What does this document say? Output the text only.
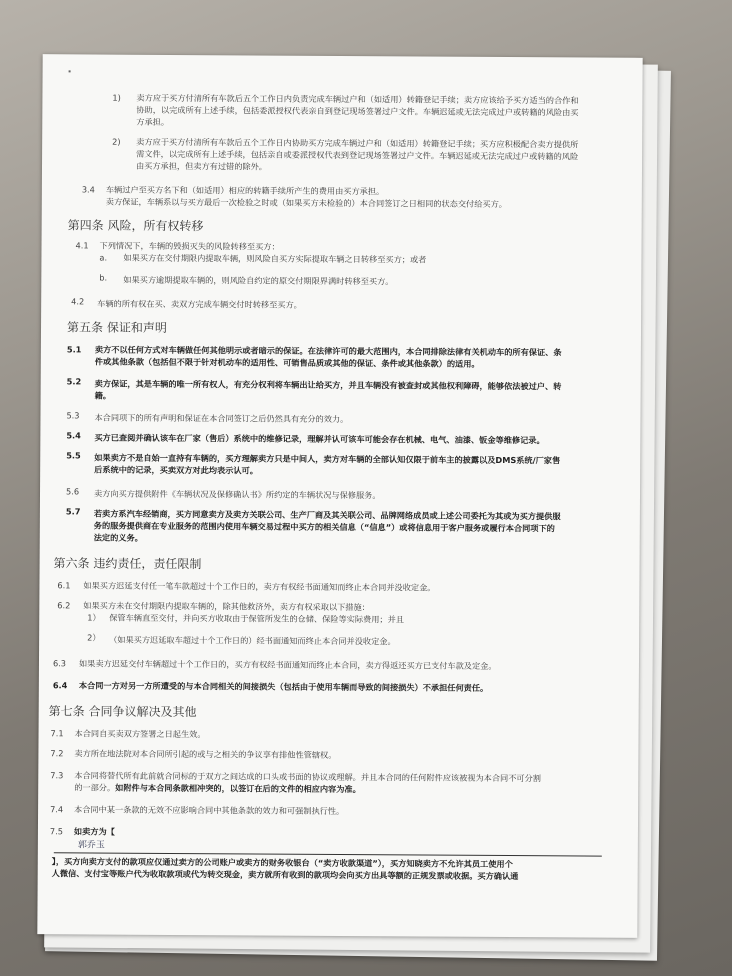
1) 卖方应于买方付清所有车款后五个工作日内负责完成车辆过户和（如适用）转籍登记手续；卖方应该给予买方适当的合作和
协助，以完成所有上述手续，包括委派授权代表亲自到登记现场签署过户文件。车辆迟延或无法完成过户或转籍的风险由买
方承担。
2) 卖方应于买方付清所有车款后五个工作日内协助买方完成车辆过户和（如适用）转籍登记手续；买方应积极配合卖方提供所
需文件，以完成所有上述手续，包括亲自或委派授权代表到登记现场签署过户文件。车辆迟延或无法完成过户或转籍的风险
由买方承担，但卖方有过错的除外。
3.4 车辆过户至买方名下和（如适用）相应的转籍手续所产生的费用由买方承担。
卖方保证，车辆系以与买方最后一次检验之时或（如果买方未检验的）本合同签订之日相同的状态交付给买方。
第四条 风险，所有权转移
4.1 下列情况下，车辆的毁损灭失的风险转移至买方：
a. 如果买方在交付期限内提取车辆，则风险自买方实际提取车辆之日转移至买方；或者
b. 如果买方逾期提取车辆的，则风险自约定的原交付期限界满时转移至买方。
4.2 车辆的所有权在买、卖双方完成车辆交付时转移至买方。
第五条 保证和声明
5.1 卖方不以任何方式对车辆做任何其他明示或者暗示的保证。在法律许可的最大范围内，本合同排除法律有关机动车的所有保证、条
件或其他条款（包括但不限于针对机动车的适用性、可销售品质或其他的保证、条件或其他条款）的适用。
5.2 卖方保证，其是车辆的唯一所有权人，有充分权利将车辆出让给买方，并且车辆没有被查封或其他权利障碍，能够依法被过户、转
籍。
5.3 本合同项下的所有声明和保证在本合同签订之后仍然具有充分的效力。
5.4 买方已查阅并确认该车在厂家（售后）系统中的维修记录，理解并认可该车可能会存在机械、电气、油漆、钣金等维修记录。
5.5 如果卖方不是自始一直持有车辆的，买方理解卖方只是中间人，卖方对车辆的全部认知仅限于前车主的披露以及DMS系统/厂家售
后系统中的记录，买卖双方对此均表示认可。
5.6 卖方向买方提供附件《车辆状况及保修确认书》所约定的车辆状况与保修服务。
5.7 若卖方系汽车经销商，买方同意卖方及卖方关联公司、生产厂商及其关联公司、品牌网络成员或上述公司委托为其或为买方提供服
务的服务提供商在专业服务的范围内使用车辆交易过程中买方的相关信息（“信息”）或将信息用于客户服务或履行本合同项下的
法定的义务。
第六条 违约责任，责任限制
6.1 如果买方迟延支付任一笔车款超过十个工作日的，卖方有权经书面通知而终止本合同并没收定金。
6.2 如果买方未在交付期限内提取车辆的，除其他救济外，卖方有权采取以下措施：
1） 保管车辆直至交付，并向买方收取由于保管所发生的仓储、保险等实际费用；并且
2） （如果买方迟延取车超过十个工作日的）经书面通知而终止本合同并没收定金。
6.3 如果卖方迟延交付车辆超过十个工作日的，买方有权经书面通知而终止本合同，卖方得返还买方已支付车款及定金。
6.4 本合同一方对另一方所遭受的与本合同相关的间接损失（包括由于使用车辆而导致的间接损失）不承担任何责任。
第七条 合同争议解决及其他
7.1 本合同自买卖双方签署之日起生效。
7.2 卖方所在地法院对本合同所引起的或与之相关的争议享有排他性管辖权。
7.3 本合同将替代所有此前就合同标的于双方之间达成的口头或书面的协议或理解。并且本合同的任何附件应该被视为本合同不可分割
的一部分。如附件与本合同条款相冲突的，以签订在后的文件的相应内容为准。
7.4 本合同中某一条款的无效不应影响合同中其他条款的效力和可强制执行性。
7.5 如卖方为【
郭乔玉
】，买方向卖方支付的款项应仅通过卖方的公司账户或卖方的财务收银台（“卖方收款渠道”），买方知晓卖方不允许其员工使用个
人微信、支付宝等账户代为收取款项或代为转交现金，卖方就所有收到的款项均会向买方出具等额的正规发票或收据。买方确认通
